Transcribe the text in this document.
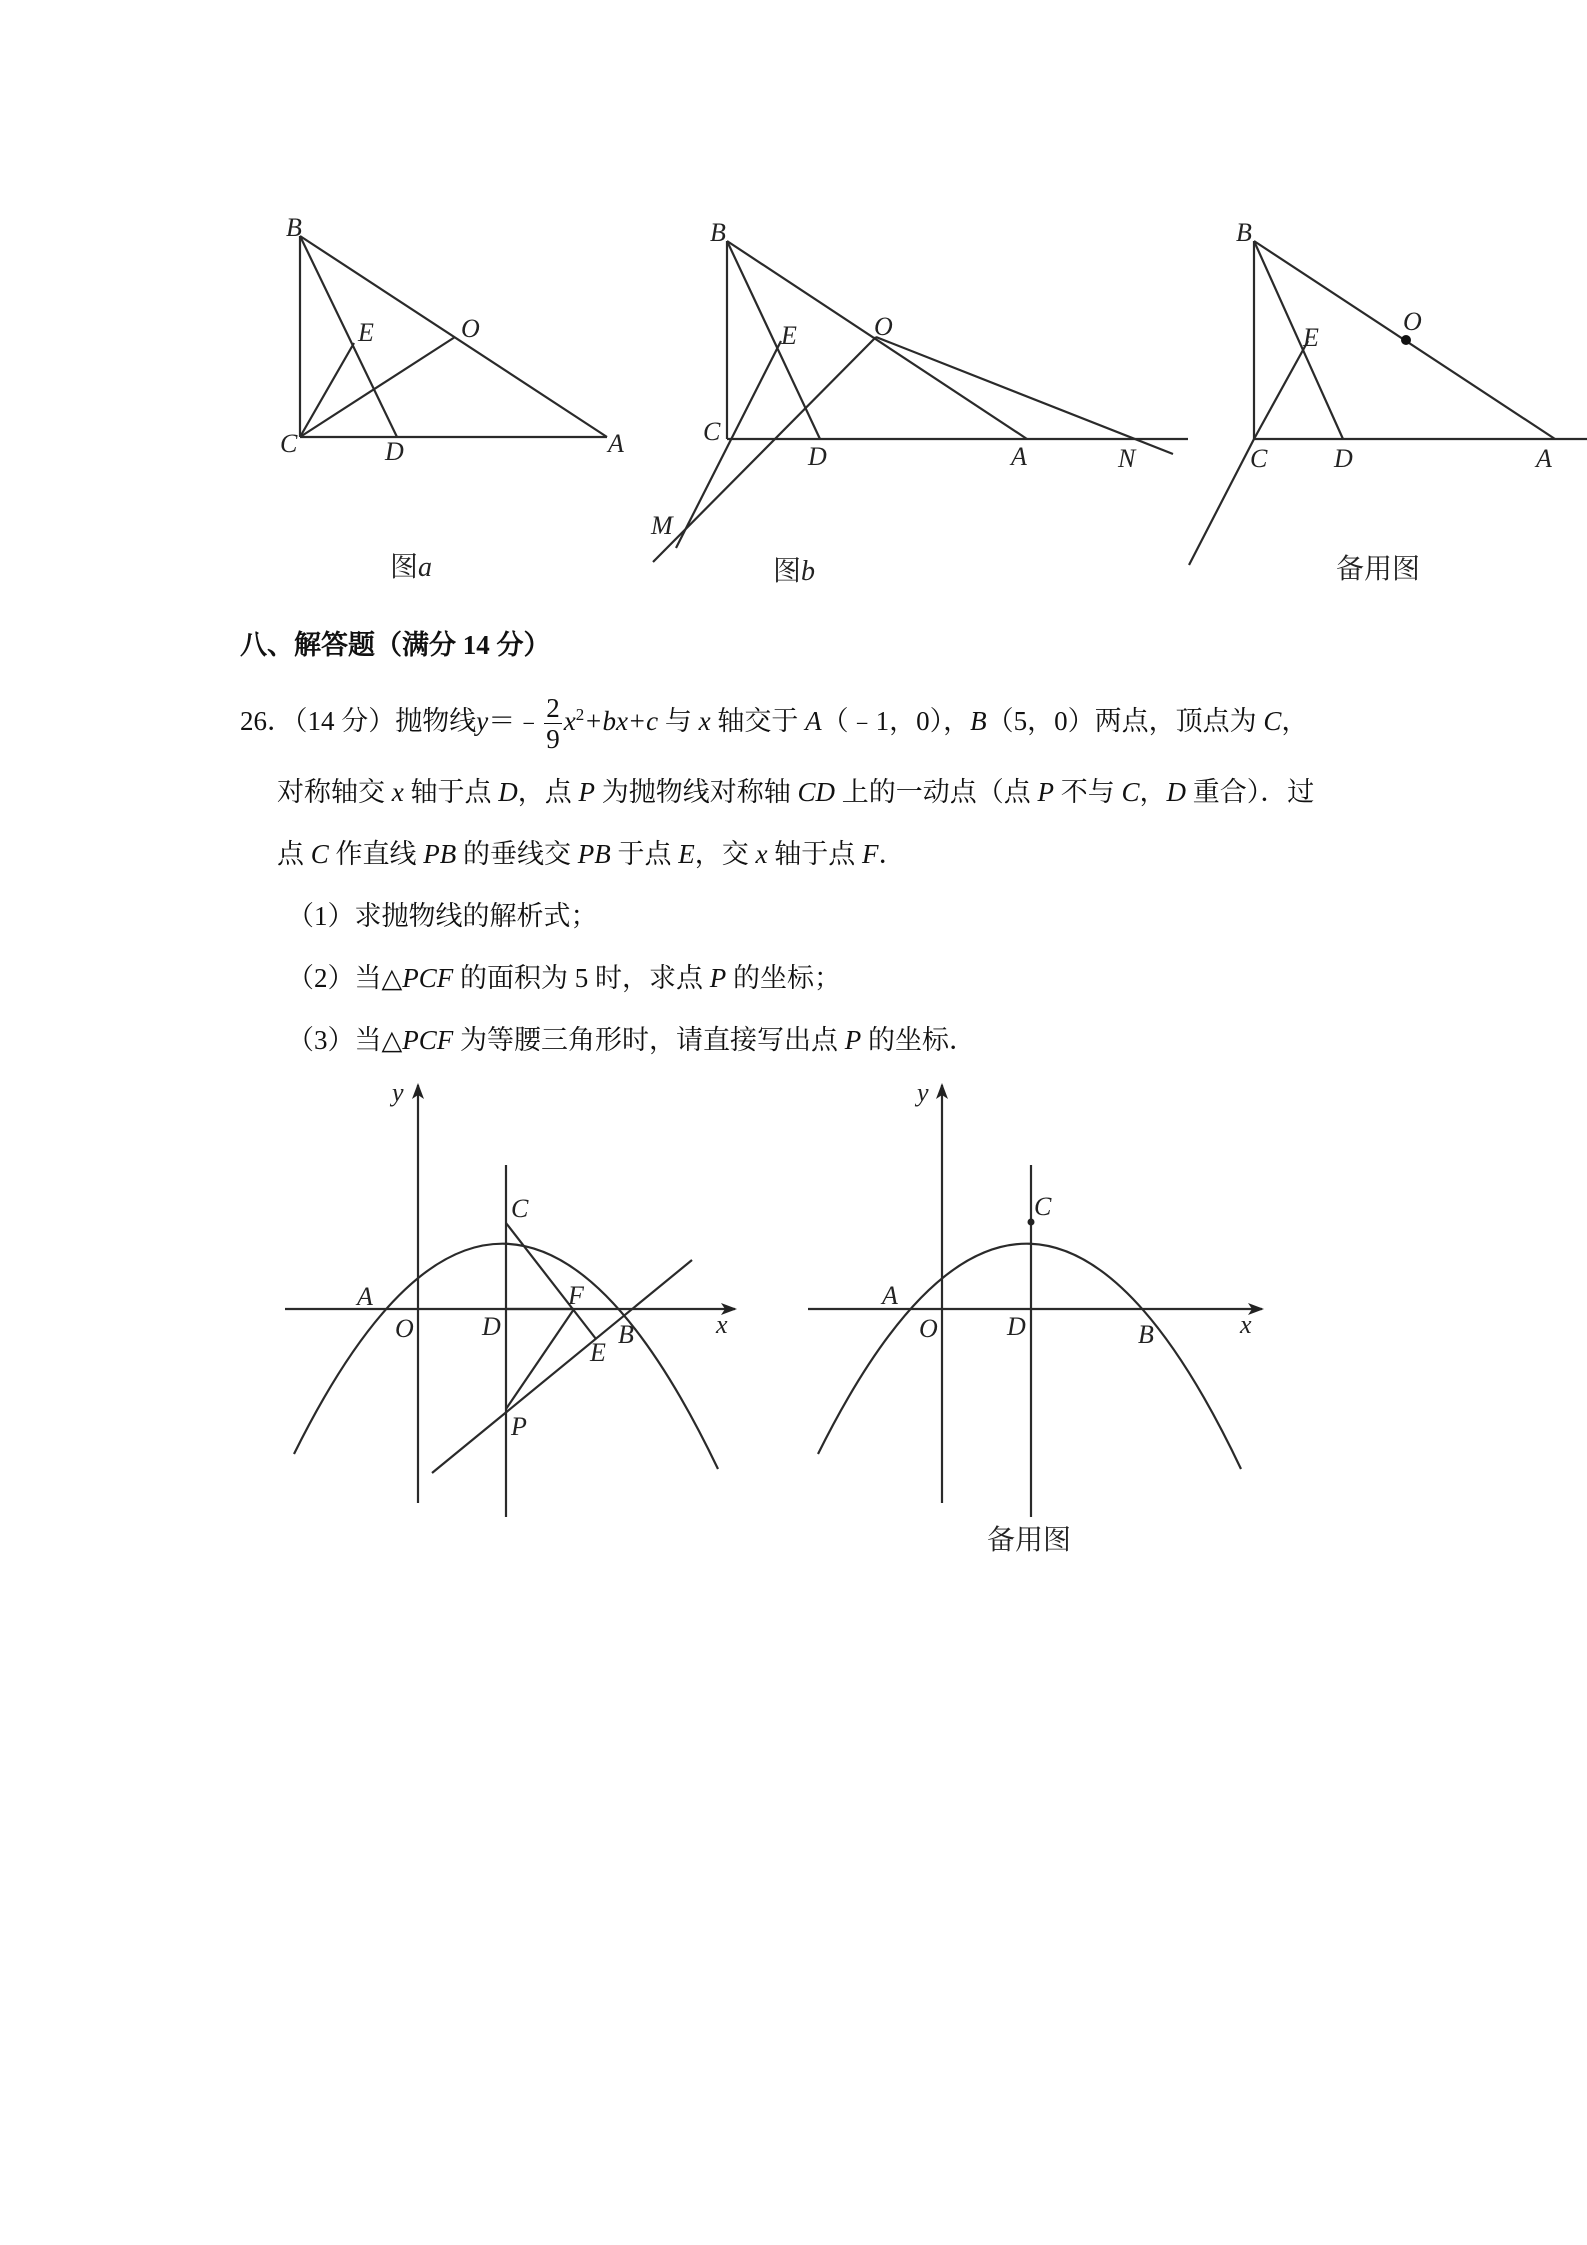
B
E	O
C	D	A
图a
B
E	O
C
D	A	N
M
图b
B
E
O
C	D	A
备用图
八、解答题（满分 14 分）
26．（14 分）抛物线y＝﹣ $\frac{2}{9} x^2+bx+c$ 与 x 轴交于 A（﹣1，0），B（5，0）两点，顶点为 C，
对称轴交 x 轴于点 D，点 P 为抛物线对称轴 CD 上的一动点（点 P 不与 C，D 重合）．过
点 C 作直线 PB 的垂线交 PB 于点 E，交 x 轴于点 F．
（1）求抛物线的解析式；
（2）当△PCF 的面积为 5 时，求点 P 的坐标；
（3）当△PCF 为等腰三角形时，请直接写出点 P 的坐标．
y
x
A
O	D
C
F
B
E
P
y
x
A
O	D
C
B
备用图
